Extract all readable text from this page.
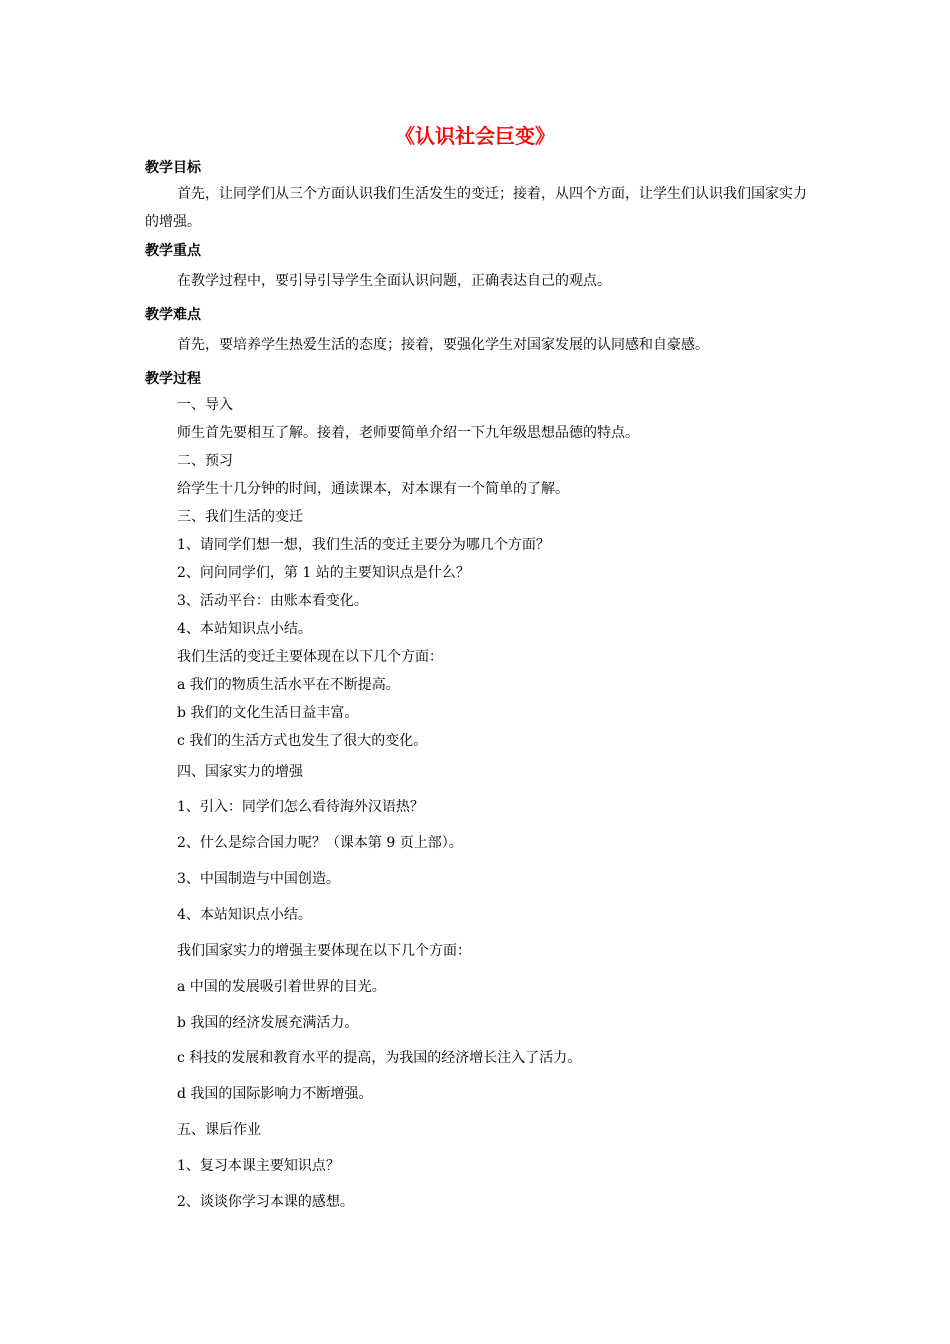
《认识社会巨变》
教学目标
首先，让同学们从三个方面认识我们生活发生的变迁；接着，从四个方面，让学生们认识我们国家实力的增强。
教学重点
在教学过程中，要引导引导学生全面认识问题，正确表达自己的观点。
教学难点
首先，要培养学生热爱生活的态度；接着，要强化学生对国家发展的认同感和自豪感。
教学过程
一、导入
师生首先要相互了解。接着，老师要简单介绍一下九年级思想品德的特点。
二、预习
给学生十几分钟的时间，通读课本，对本课有一个简单的了解。
三、我们生活的变迁
1、请同学们想一想，我们生活的变迁主要分为哪几个方面？
2、问问同学们，第 1 站的主要知识点是什么？
3、活动平台：由账本看变化。
4、本站知识点小结。
我们生活的变迁主要体现在以下几个方面：
a 我们的物质生活水平在不断提高。
b 我们的文化生活日益丰富。
c 我们的生活方式也发生了很大的变化。
四、国家实力的增强
1、引入：同学们怎么看待海外汉语热？
2、什么是综合国力呢？（课本第 9 页上部）。
3、中国制造与中国创造。
4、本站知识点小结。
我们国家实力的增强主要体现在以下几个方面：
a 中国的发展吸引着世界的目光。
b 我国的经济发展充满活力。
c 科技的发展和教育水平的提高，为我国的经济增长注入了活力。
d 我国的国际影响力不断增强。
五、课后作业
1、复习本课主要知识点？
2、谈谈你学习本课的感想。
